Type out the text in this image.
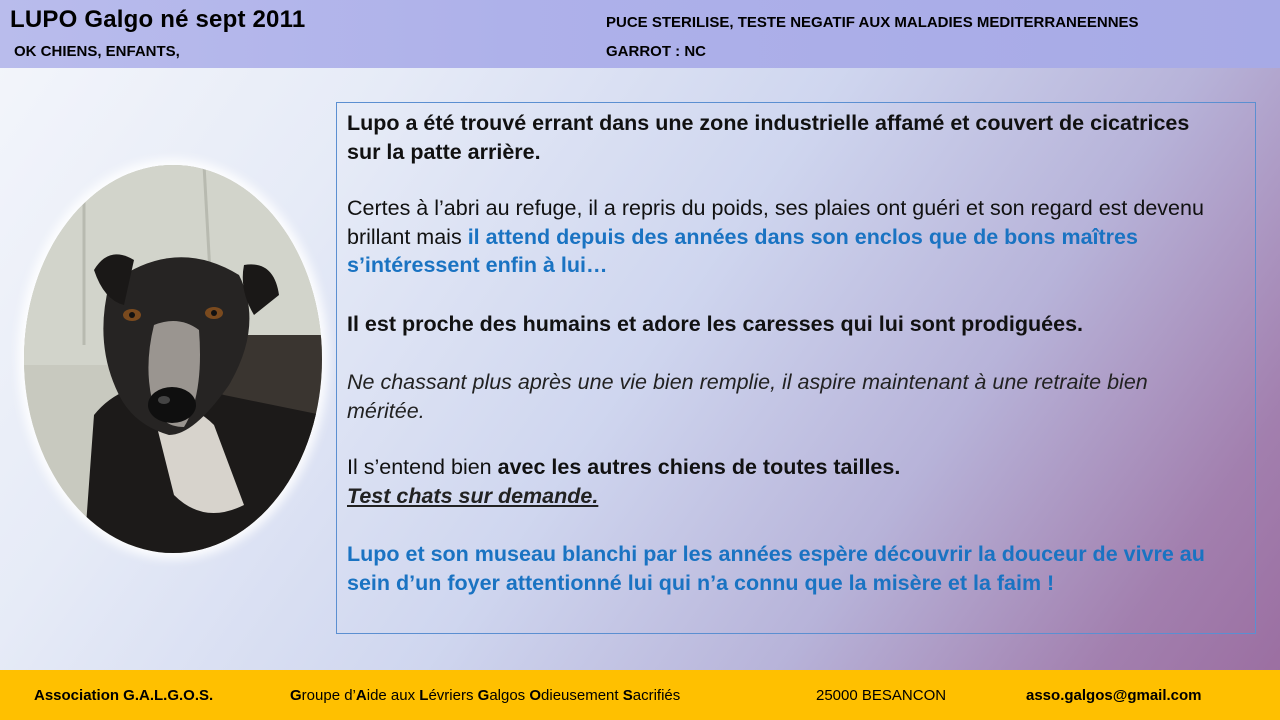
LUPO Galgo né sept 2011
OK CHIENS, ENFANTS,
PUCE STERILISE, TESTE NEGATIF AUX MALADIES MEDITERRANEENNES
GARROT : NC

Lupo a été trouvé errant dans une zone industrielle affamé et couvert de cicatrices sur la patte arrière.

Certes à l’abri au refuge, il a repris du poids, ses plaies ont guéri et son regard est devenu brillant mais il attend depuis des années dans son enclos que de bons maîtres s’intéressent enfin à lui…

Il est proche des humains et adore les caresses qui lui sont prodiguées.

Ne chassant plus après une vie bien remplie, il aspire maintenant à une retraite bien méritée.

Il s’entend bien avec les autres chiens de toutes tailles.

Test chats sur demande.

Lupo et son museau blanchi par les années espère découvrir la douceur de vivre au sein d’un foyer attentionné lui qui n’a connu que la misère et la faim !

Association G.A.L.G.O.S.	Groupe d’Aide aux Lévriers Galgos Odieusement Sacrifiés	25000 BESANCON	asso.galgos@gmail.com
